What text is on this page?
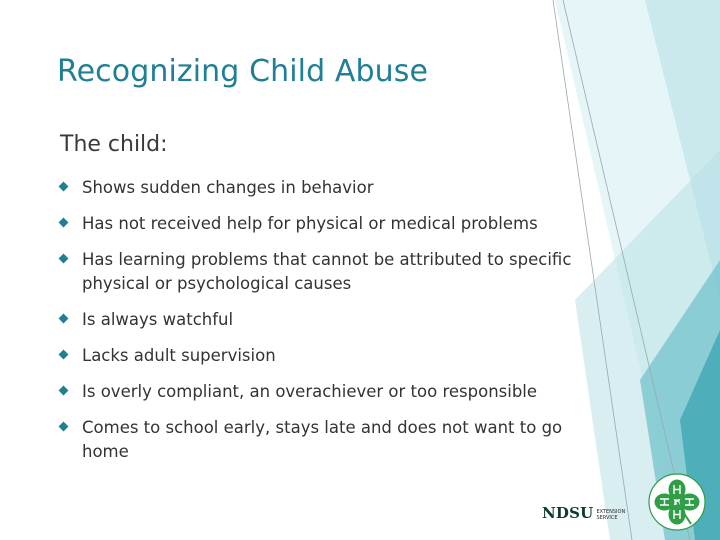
Recognizing Child Abuse
The child:
Shows sudden changes in behavior
Has not received help for physical or medical problems
Has learning problems that cannot be attributed to specific physical or psychological causes
Is always watchful
Lacks adult supervision
Is overly compliant, an overachiever or too responsible
Comes to school early, stays late and does not want to go home
NDSU EXTENSION
SERVICE
